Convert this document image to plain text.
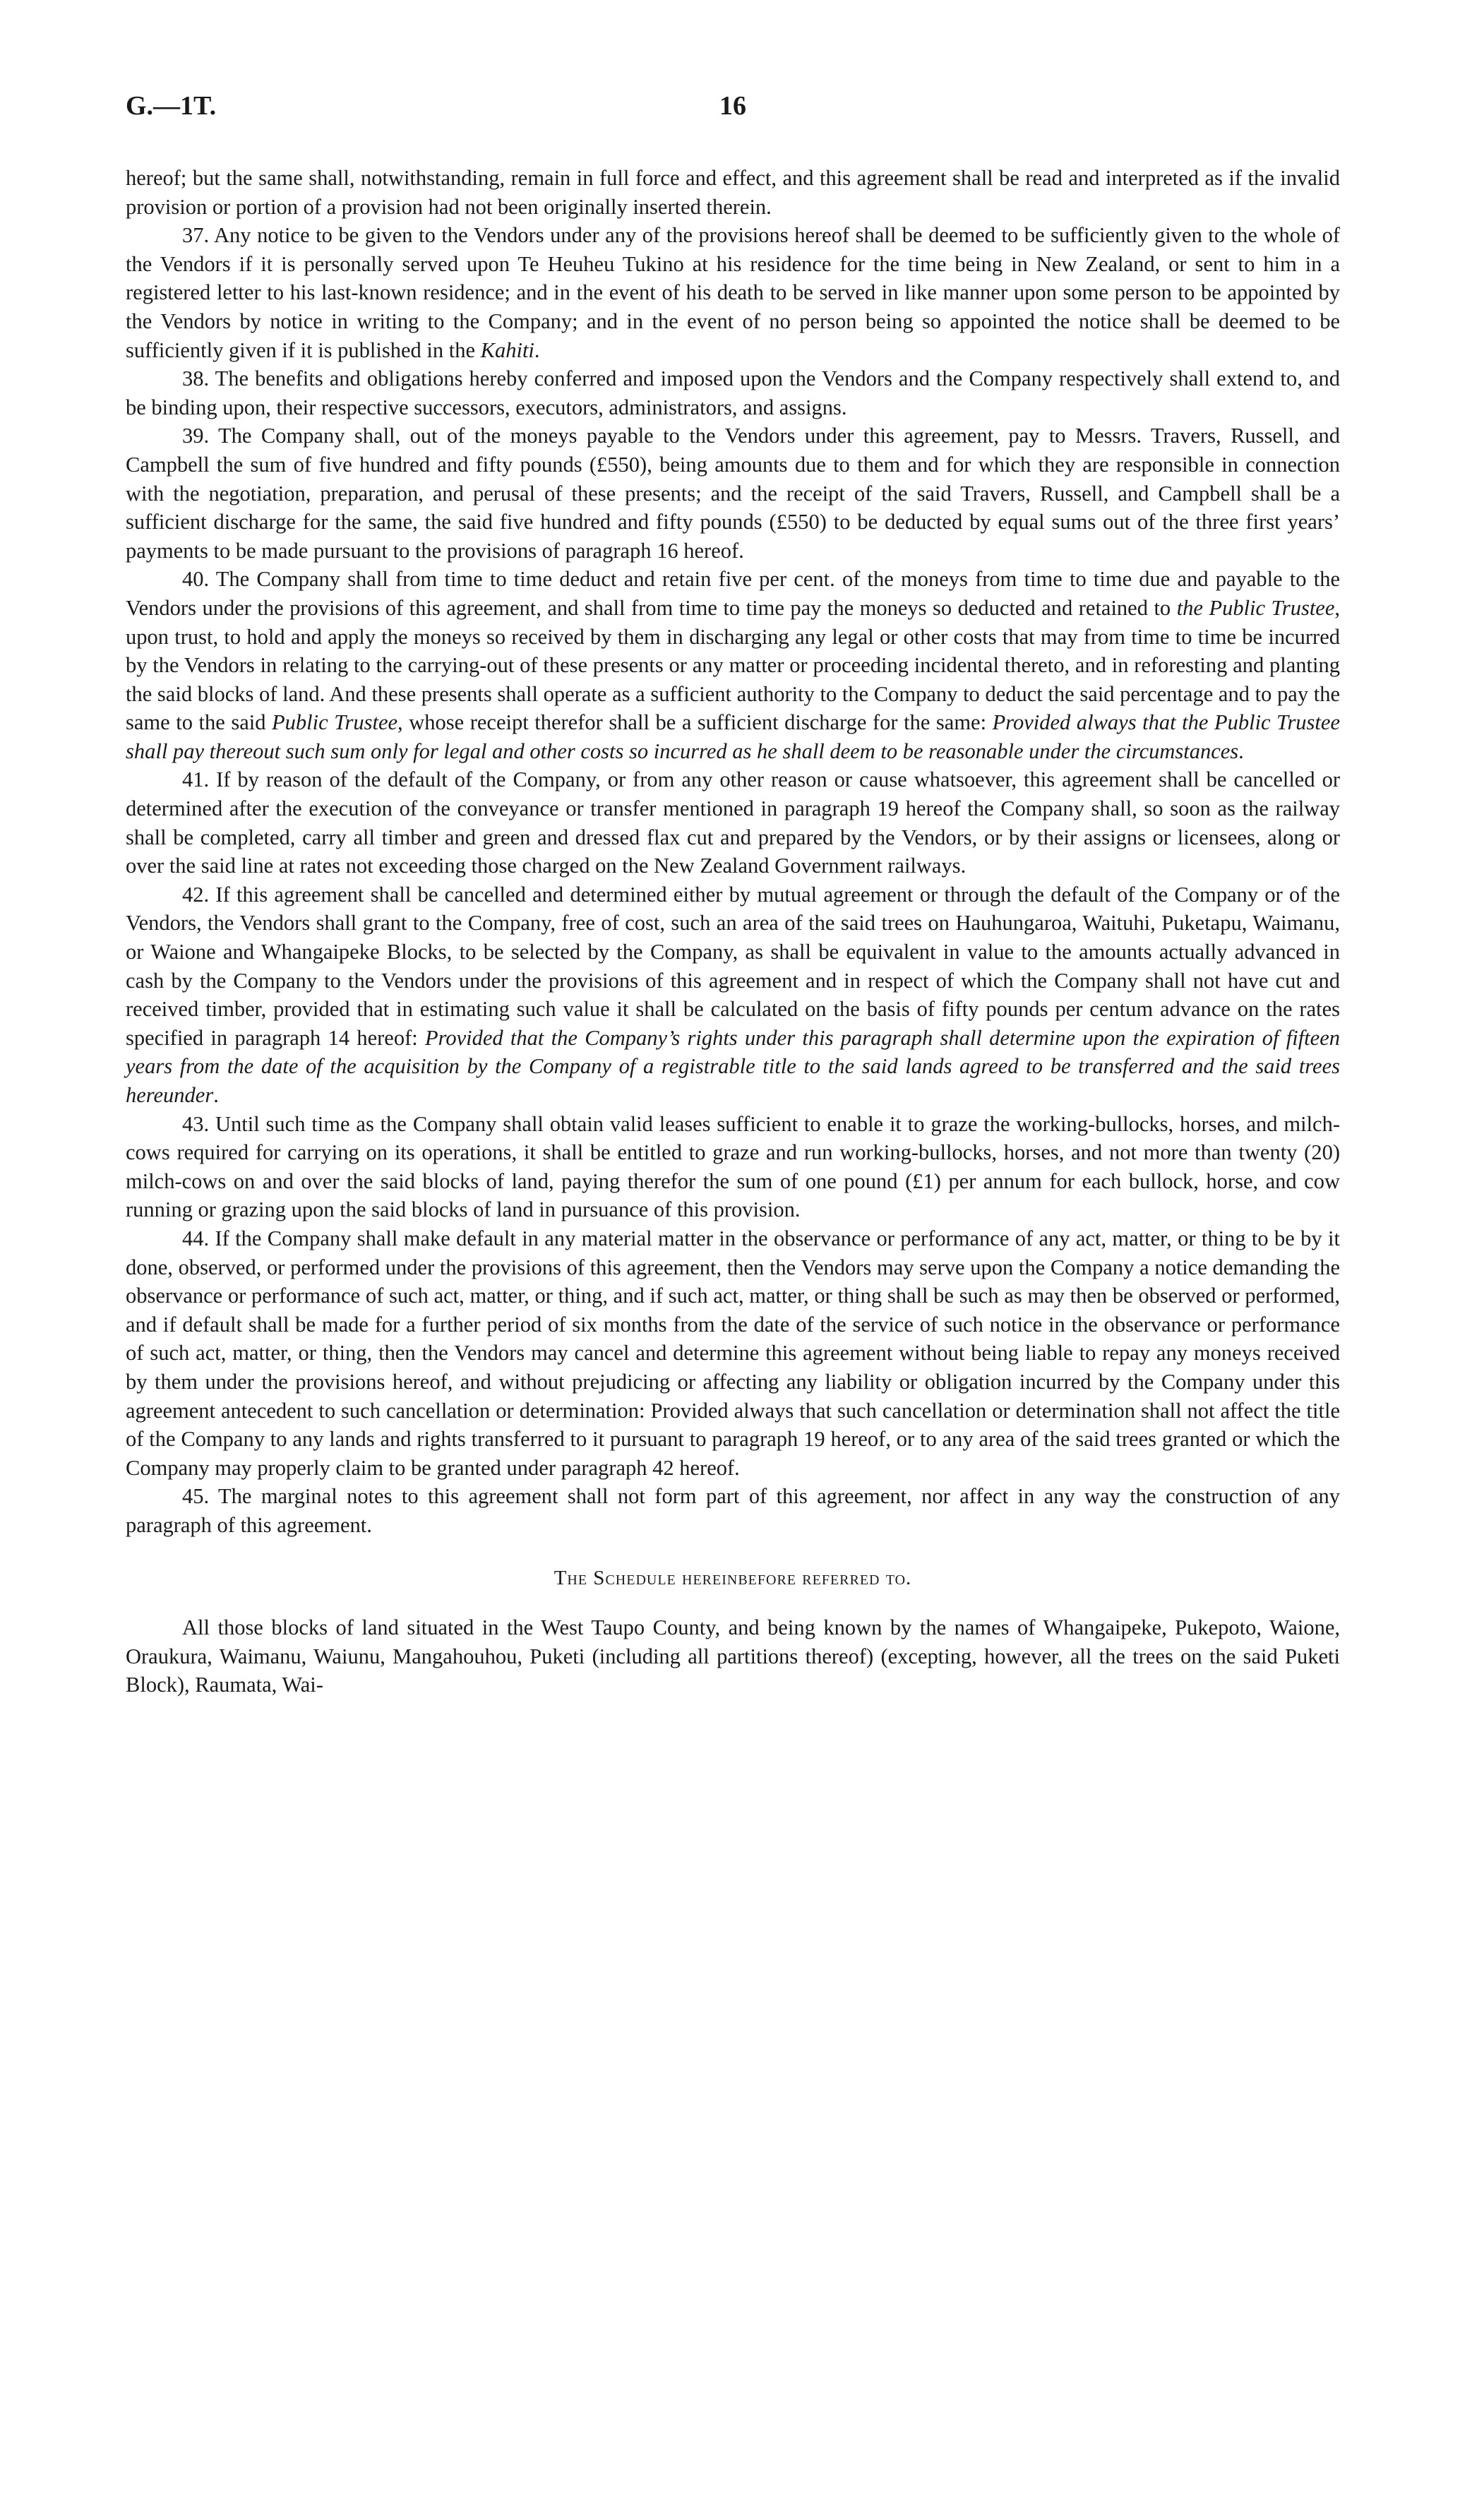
G.—1T.	16

hereof; but the same shall, notwithstanding, remain in full force and effect, and this agreement shall be read and interpreted as if the invalid provision or portion of a provision had not been originally inserted therein.

37. Any notice to be given to the Vendors under any of the provisions hereof shall be deemed to be sufficiently given to the whole of the Vendors if it is personally served upon Te Heuheu Tukino at his residence for the time being in New Zealand, or sent to him in a registered letter to his last-known residence; and in the event of his death to be served in like manner upon some person to be appointed by the Vendors by notice in writing to the Company; and in the event of no person being so appointed the notice shall be deemed to be sufficiently given if it is published in the Kahiti.

38. The benefits and obligations hereby conferred and imposed upon the Vendors and the Company respectively shall extend to, and be binding upon, their respective successors, executors, administrators, and assigns.

39. The Company shall, out of the moneys payable to the Vendors under this agreement, pay to Messrs. Travers, Russell, and Campbell the sum of five hundred and fifty pounds (£550), being amounts due to them and for which they are responsible in connection with the negotiation, preparation, and perusal of these presents; and the receipt of the said Travers, Russell, and Campbell shall be a sufficient discharge for the same, the said five hundred and fifty pounds (£550) to be deducted by equal sums out of the three first years’ payments to be made pursuant to the provisions of paragraph 16 hereof.

40. The Company shall from time to time deduct and retain five per cent. of the moneys from time to time due and payable to the Vendors under the provisions of this agreement, and shall from time to time pay the moneys so deducted and retained to the Public Trustee, upon trust, to hold and apply the moneys so received by them in discharging any legal or other costs that may from time to time be incurred by the Vendors in relating to the carrying-out of these presents or any matter or proceeding incidental thereto, and in reforesting and planting the said blocks of land. And these presents shall operate as a sufficient authority to the Company to deduct the said percentage and to pay the same to the said Public Trustee, whose receipt therefor shall be a sufficient discharge for the same: Provided always that the Public Trustee shall pay thereout such sum only for legal and other costs so incurred as he shall deem to be reasonable under the circumstances.

41. If by reason of the default of the Company, or from any other reason or cause whatsoever, this agreement shall be cancelled or determined after the execution of the conveyance or transfer mentioned in paragraph 19 hereof the Company shall, so soon as the railway shall be completed, carry all timber and green and dressed flax cut and prepared by the Vendors, or by their assigns or licensees, along or over the said line at rates not exceeding those charged on the New Zealand Government railways.

42. If this agreement shall be cancelled and determined either by mutual agreement or through the default of the Company or of the Vendors, the Vendors shall grant to the Company, free of cost, such an area of the said trees on Hauhungaroa, Waituhi, Puketapu, Waimanu, or Waione and Whangaipeke Blocks, to be selected by the Company, as shall be equivalent in value to the amounts actually advanced in cash by the Company to the Vendors under the provisions of this agreement and in respect of which the Company shall not have cut and received timber, provided that in estimating such value it shall be calculated on the basis of fifty pounds per centum advance on the rates specified in paragraph 14 hereof: Provided that the Company’s rights under this paragraph shall determine upon the expiration of fifteen years from the date of the acquisition by the Company of a registrable title to the said lands agreed to be transferred and the said trees hereunder.

43. Until such time as the Company shall obtain valid leases sufficient to enable it to graze the working-bullocks, horses, and milch-cows required for carrying on its operations, it shall be entitled to graze and run working-bullocks, horses, and not more than twenty (20) milch-cows on and over the said blocks of land, paying therefor the sum of one pound (£1) per annum for each bullock, horse, and cow running or grazing upon the said blocks of land in pursuance of this provision.

44. If the Company shall make default in any material matter in the observance or performance of any act, matter, or thing to be by it done, observed, or performed under the provisions of this agreement, then the Vendors may serve upon the Company a notice demanding the observance or performance of such act, matter, or thing, and if such act, matter, or thing shall be such as may then be observed or performed, and if default shall be made for a further period of six months from the date of the service of such notice in the observance or performance of such act, matter, or thing, then the Vendors may cancel and determine this agreement without being liable to repay any moneys received by them under the provisions hereof, and without prejudicing or affecting any liability or obligation incurred by the Company under this agreement antecedent to such cancellation or determination: Provided always that such cancellation or determination shall not affect the title of the Company to any lands and rights transferred to it pursuant to paragraph 19 hereof, or to any area of the said trees granted or which the Company may properly claim to be granted under paragraph 42 hereof.

45. The marginal notes to this agreement shall not form part of this agreement, nor affect in any way the construction of any paragraph of this agreement.

The Schedule hereinbefore referred to.

All those blocks of land situated in the West Taupo County, and being known by the names of Whangaipeke, Pukepoto, Waione, Oraukura, Waimanu, Waiunu, Mangahouhou, Puketi (including all partitions thereof) (excepting, however, all the trees on the said Puketi Block), Raumata, Wai-
